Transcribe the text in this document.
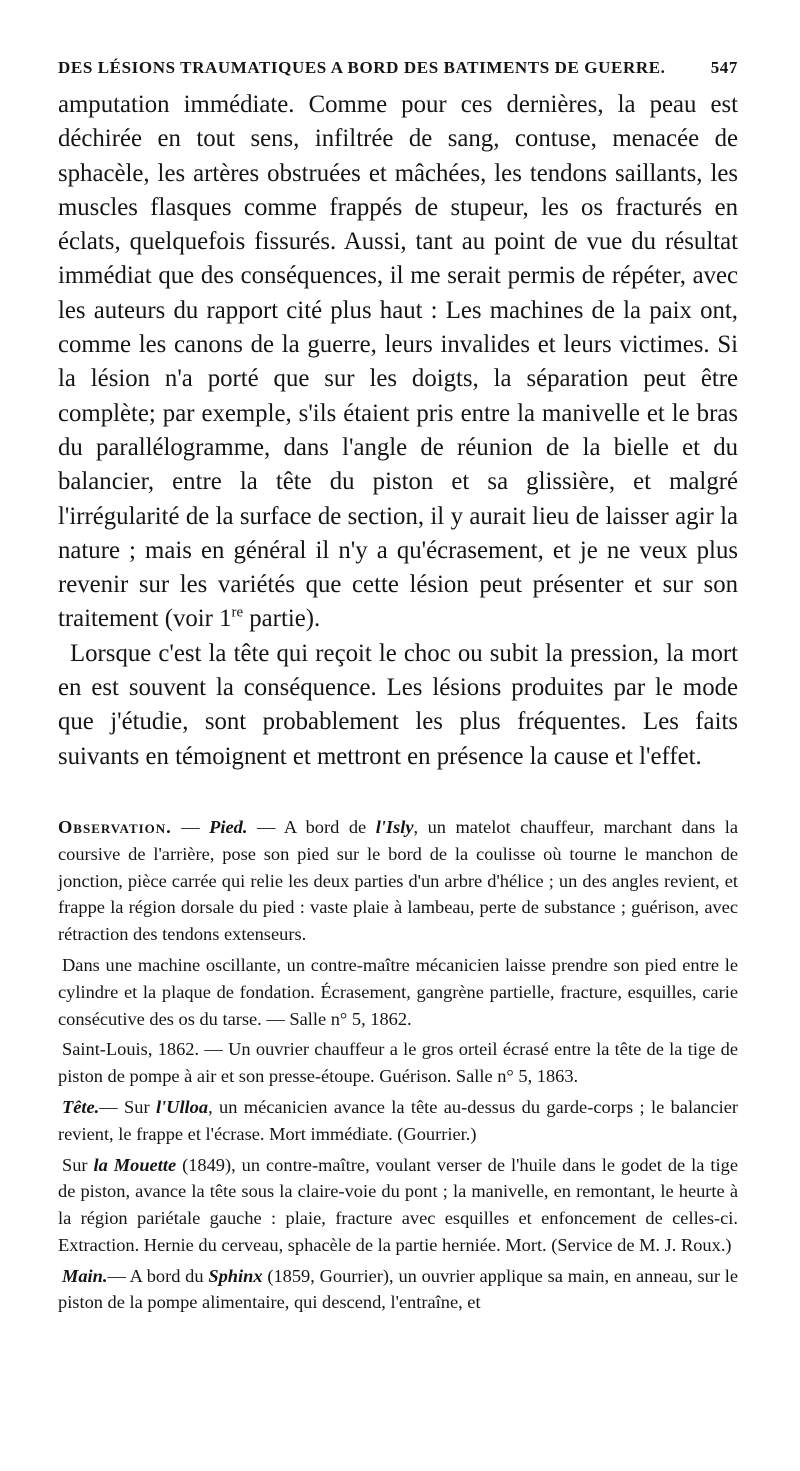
DES LÉSIONS TRAUMATIQUES A BORD DES BATIMENTS DE GUERRE.	547

amputation immédiate. Comme pour ces dernières, la peau est déchirée en tout sens, infiltrée de sang, contuse, menacée de sphacèle, les artères obstruées et mâchées, les tendons saillants, les muscles flasques comme frappés de stupeur, les os fracturés en éclats, quelquefois fissurés. Aussi, tant au point de vue du résultat immédiat que des conséquences, il me serait permis de répéter, avec les auteurs du rapport cité plus haut : Les machines de la paix ont, comme les canons de la guerre, leurs invalides et leurs victimes. Si la lésion n'a porté que sur les doigts, la séparation peut être complète; par exemple, s'ils étaient pris entre la manivelle et le bras du parallélogramme, dans l'angle de réunion de la bielle et du balancier, entre la tête du piston et sa glissière, et malgré l'irrégularité de la surface de section, il y aurait lieu de laisser agir la nature ; mais en général il n'y a qu'écrasement, et je ne veux plus revenir sur les variétés que cette lésion peut présenter et sur son traitement (voir 1re partie).

Lorsque c'est la tête qui reçoit le choc ou subit la pression, la mort en est souvent la conséquence. Les lésions produites par le mode que j'étudie, sont probablement les plus fréquentes. Les faits suivants en témoignent et mettront en présence la cause et l'effet.

Observation. — Pied. — A bord de l'Isly, un matelot chauffeur, marchant dans la coursive de l'arrière, pose son pied sur le bord de la coulisse où tourne le manchon de jonction, pièce carrée qui relie les deux parties d'un arbre d'hélice ; un des angles revient, et frappe la région dorsale du pied : vaste plaie à lambeau, perte de substance ; guérison, avec rétraction des tendons extenseurs.

Dans une machine oscillante, un contre-maître mécanicien laisse prendre son pied entre le cylindre et la plaque de fondation. Écrasement, gangrène partielle, fracture, esquilles, carie consécutive des os du tarse. — Salle n° 5, 1862.

Saint-Louis, 1862. — Un ouvrier chauffeur a le gros orteil écrasé entre la tête de la tige de piston de pompe à air et son presse-étoupe. Guérison. Salle n° 5, 1863.

Tête.— Sur l'Ulloa, un mécanicien avance la tête au-dessus du garde-corps ; le balancier revient, le frappe et l'écrase. Mort immédiate. (Gourrier.)

Sur la Mouette (1849), un contre-maître, voulant verser de l'huile dans le godet de la tige de piston, avance la tête sous la claire-voie du pont ; la manivelle, en remontant, le heurte à la région pariétale gauche : plaie, fracture avec esquilles et enfoncement de celles-ci. Extraction. Hernie du cerveau, sphacèle de la partie herniée. Mort. (Service de M. J. Roux.)

Main.— A bord du Sphinx (1859, Gourrier), un ouvrier applique sa main, en anneau, sur le piston de la pompe alimentaire, qui descend, l'entraîne, et
